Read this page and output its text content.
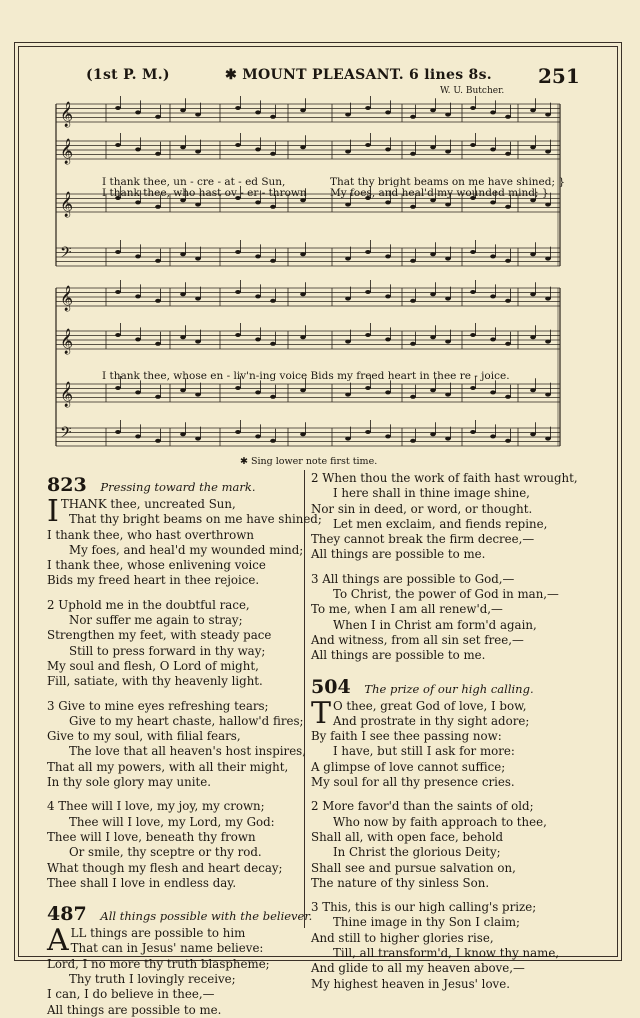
(1st P. M.)	✱ MOUNT PLEASANT. 6 lines 8s. 251
W. U. Butcher.
𝄞
𝄞
𝄞
𝄞
𝄞
𝄞
𝄢
𝄢
I thank thee, un - cre - at - ed Sun,	That thy bright beams on me have shined; }
I thank thee, who hast ov - er - thrown My foes, and heal'd my wounded mind; }
I thank thee, whose en - liv'n-ing voice Bids my freed heart in thee re - joice.
✱ Sing lower note first time.
823 Pressing toward the mark.
I THANK thee, uncreated Sun,
That thy bright beams on me have shined;
I thank thee, who hast overthrown
My foes, and heal'd my wounded mind;
I thank thee, whose enlivening voice
Bids my freed heart in thee rejoice.
2 Uphold me in the doubtful race,
Nor suffer me again to stray;
Strengthen my feet, with steady pace
Still to press forward in thy way;
My soul and flesh, O Lord of might,
Fill, satiate, with thy heavenly light.
3 Give to mine eyes refreshing tears;
Give to my heart chaste, hallow'd fires;
Give to my soul, with filial fears,
The love that all heaven's host inspires,
That all my powers, with all their might,
In thy sole glory may unite.
4 Thee will I love, my joy, my crown;
Thee will I love, my Lord, my God:
Thee will I love, beneath thy frown
Or smile, thy sceptre or thy rod.
What though my flesh and heart decay;
Thee shall I love in endless day.
487 All things possible with the believer.
A LL things are possible to him
That can in Jesus' name believe:
Lord, I no more thy truth blaspheme;
Thy truth I lovingly receive;
I can, I do believe in thee,—
All things are possible to me.
2 When thou the work of faith hast wrought,
I here shall in thine image shine,
Nor sin in deed, or word, or thought.
Let men exclaim, and fiends repine,
They cannot break the firm decree,—
All things are possible to me.
3 All things are possible to God,—
To Christ, the power of God in man,—
To me, when I am all renew'd,—
When I in Christ am form'd again,
And witness, from all sin set free,—
All things are possible to me.
504 The prize of our high calling.
T O thee, great God of love, I bow,
And prostrate in thy sight adore;
By faith I see thee passing now:
I have, but still I ask for more:
A glimpse of love cannot suffice;
My soul for all thy presence cries.
2 More favor'd than the saints of old;
Who now by faith approach to thee,
Shall all, with open face, behold
In Christ the glorious Deity;
Shall see and pursue salvation on,
The nature of thy sinless Son.
3 This, this is our high calling's prize;
Thine image in thy Son I claim;
And still to higher glories rise,
Till, all transform'd, I know thy name,
And glide to all my heaven above,—
My highest heaven in Jesus' love.
